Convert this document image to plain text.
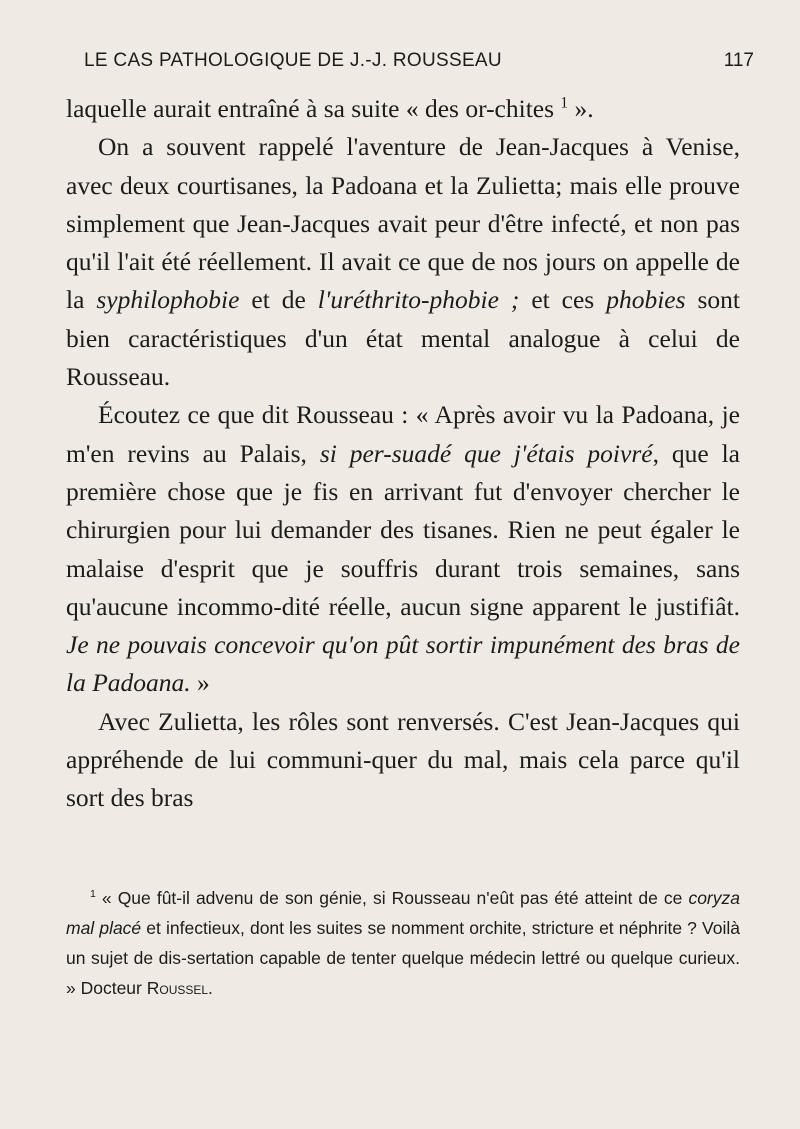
LE CAS PATHOLOGIQUE DE J.-J. ROUSSEAU	117

laquelle aurait entraîné à sa suite « des or-chites $^1$ ».

On a souvent rappelé l'aventure de Jean-Jacques à Venise, avec deux courtisanes, la Padoana et la Zulietta; mais elle prouve simplement que Jean-Jacques avait peur d'être infecté, et non pas qu'il l'ait été réellement. Il avait ce que de nos jours on appelle de la syphilophobie et de l'uréthrito-phobie ; et ces phobies sont bien caractéristiques d'un état mental analogue à celui de Rousseau.

Écoutez ce que dit Rousseau : « Après avoir vu la Padoana, je m'en revins au Palais, si per-suadé que j'étais poivré, que la première chose que je fis en arrivant fut d'envoyer chercher le chirurgien pour lui demander des tisanes. Rien ne peut égaler le malaise d'esprit que je souffris durant trois semaines, sans qu'aucune incommo-dité réelle, aucun signe apparent le justifiât. Je ne pouvais concevoir qu'on pût sortir impunément des bras de la Padoana. »

Avec Zulietta, les rôles sont renversés. C'est Jean-Jacques qui appréhende de lui communi-quer du mal, mais cela parce qu'il sort des bras

$^1$ « Que fût-il advenu de son génie, si Rousseau n'eût pas été atteint de ce coryza mal placé et infectieux, dont les suites se nomment orchite, stricture et néphrite ? Voilà un sujet de dis-sertation capable de tenter quelque médecin lettré ou quelque curieux. » Docteur Roussel.
